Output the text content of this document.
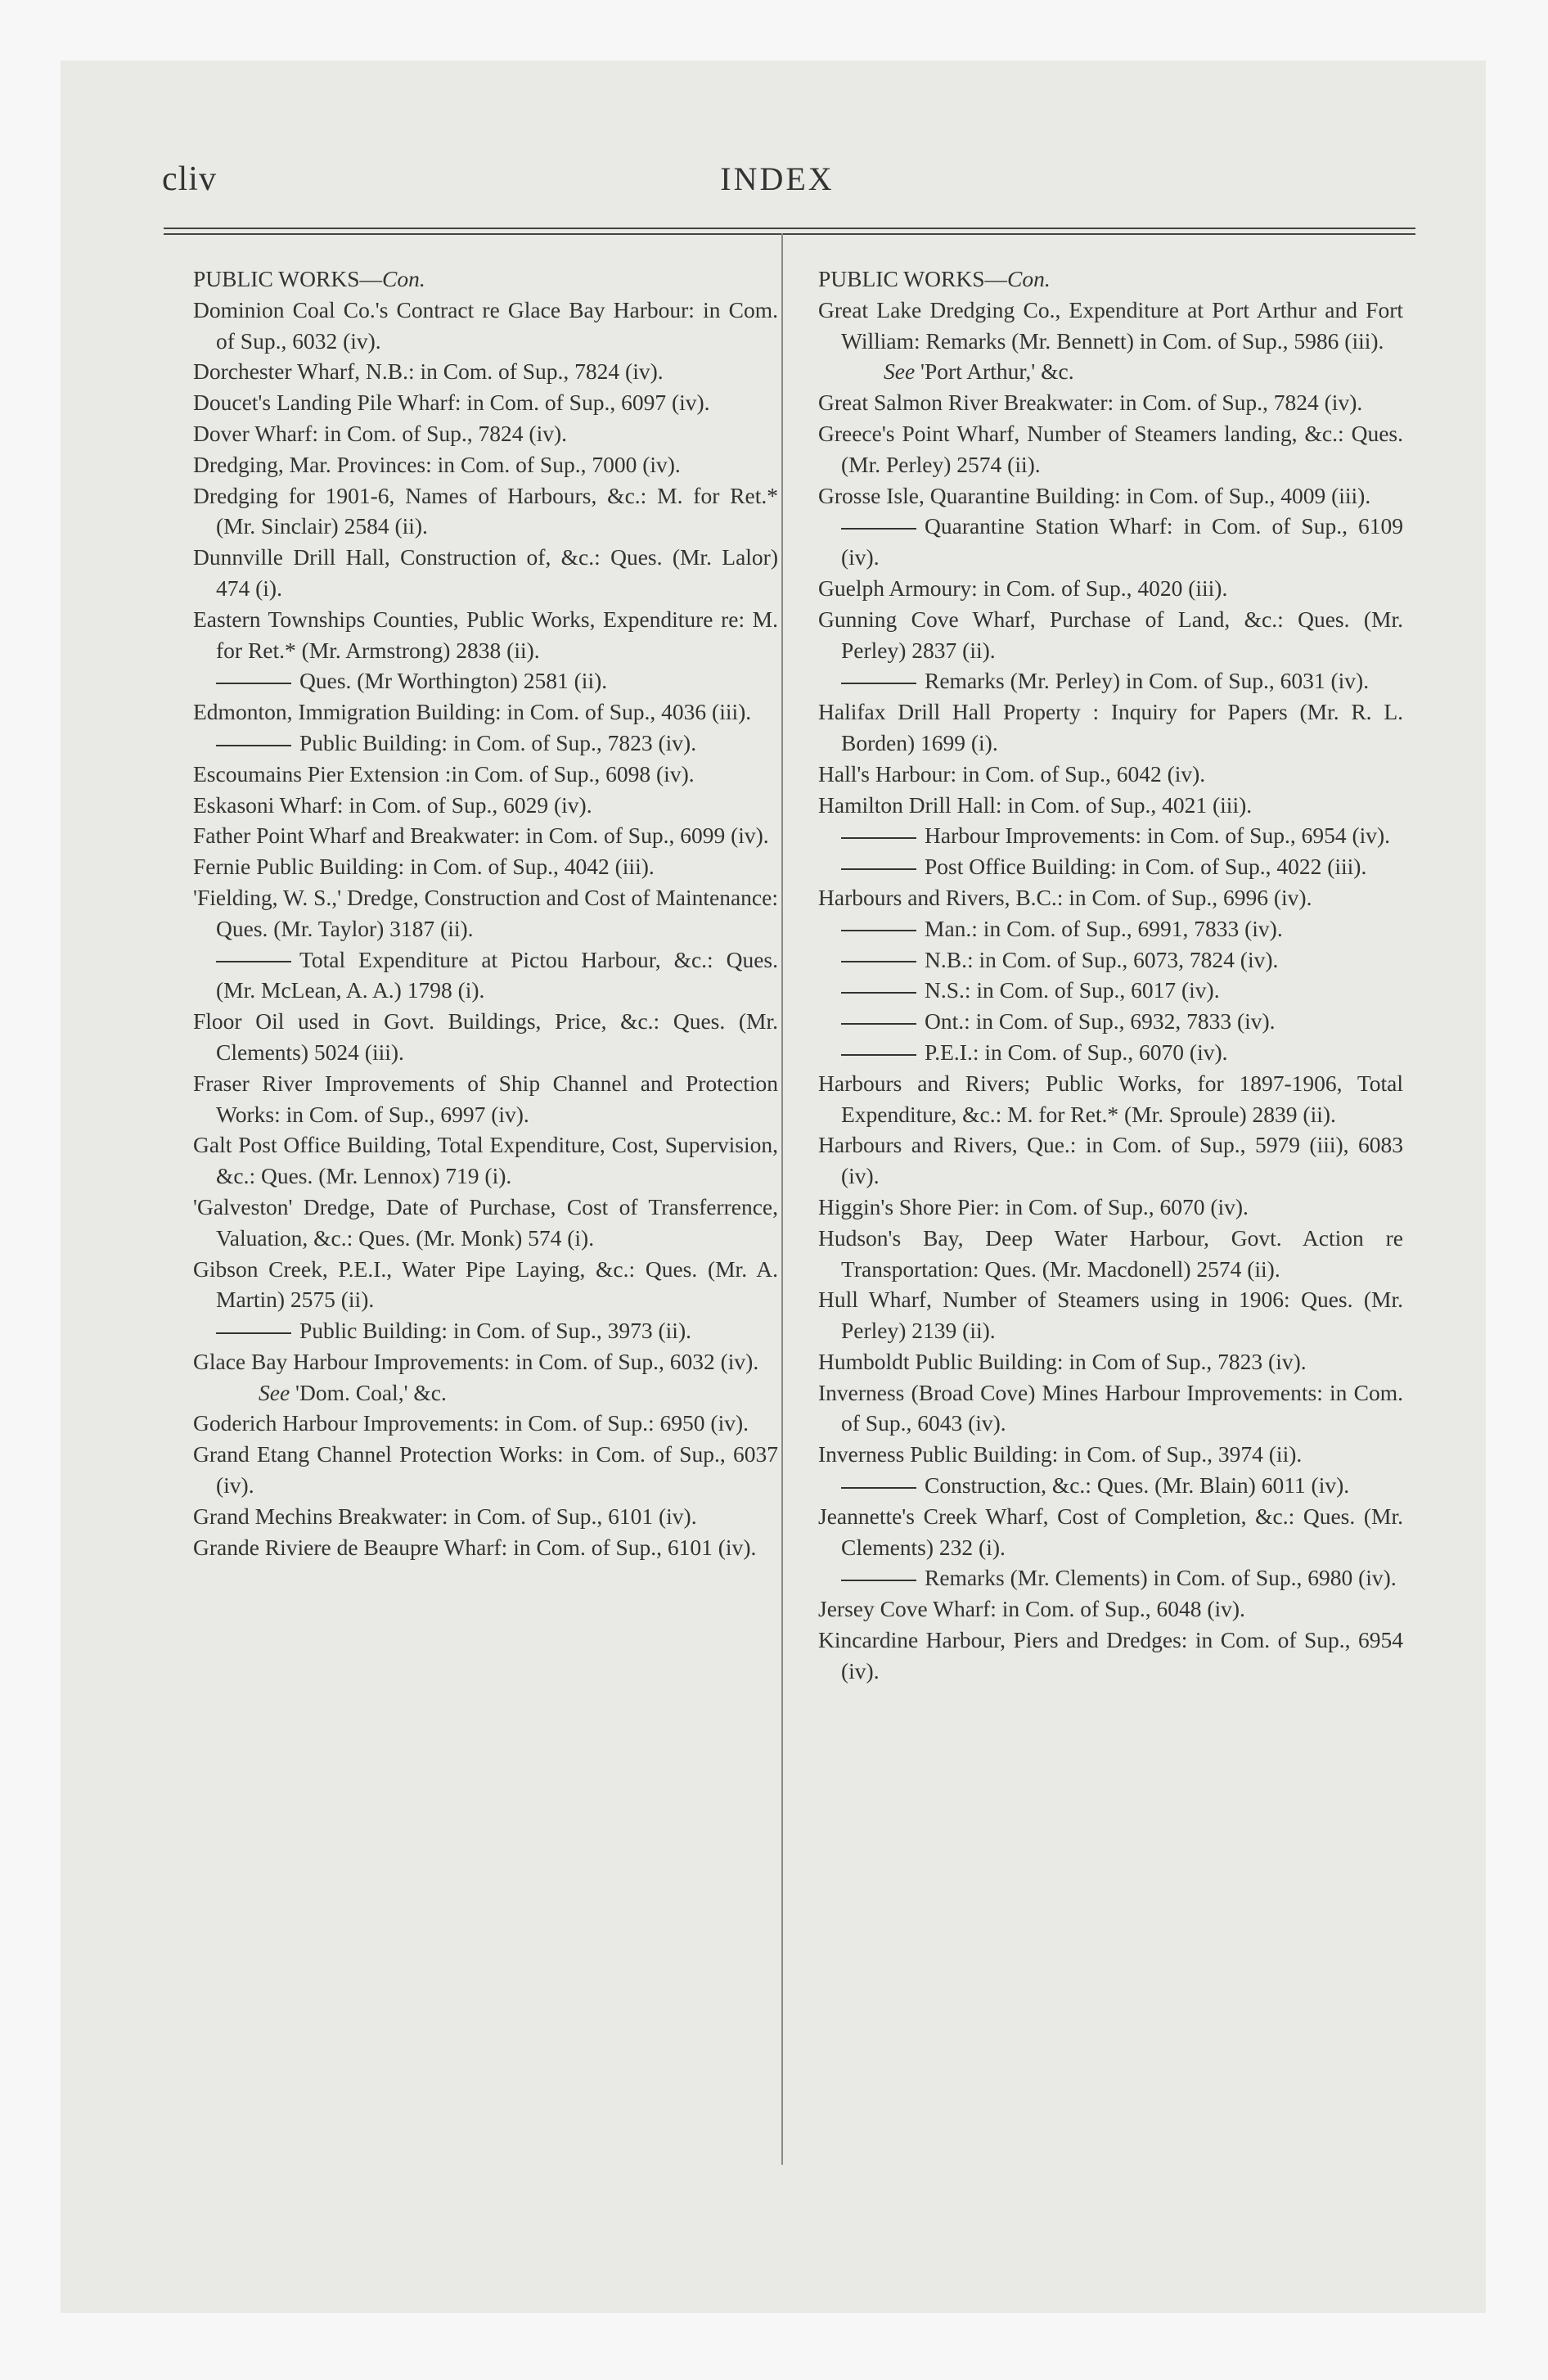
cliv	INDEX

PUBLIC WORKS—Con.

Dominion Coal Co.'s Contract re Glace Bay Harbour: in Com. of Sup., 6032 (iv).

Dorchester Wharf, N.B.: in Com. of Sup., 7824 (iv).

Doucet's Landing Pile Wharf: in Com. of Sup., 6097 (iv).

Dover Wharf: in Com. of Sup., 7824 (iv).

Dredging, Mar. Provinces: in Com. of Sup., 7000 (iv).

Dredging for 1901-6, Names of Harbours, &c.: M. for Ret.* (Mr. Sinclair) 2584 (ii).

Dunnville Drill Hall, Construction of, &c.: Ques. (Mr. Lalor) 474 (i).

Eastern Townships Counties, Public Works, Expenditure re: M. for Ret.* (Mr. Armstrong) 2838 (ii).

Ques. (Mr Worthington) 2581 (ii).

Edmonton, Immigration Building: in Com. of Sup., 4036 (iii).

Public Building: in Com. of Sup., 7823 (iv).

Escoumains Pier Extension :in Com. of Sup., 6098 (iv).

Eskasoni Wharf: in Com. of Sup., 6029 (iv).

Father Point Wharf and Breakwater: in Com. of Sup., 6099 (iv).

Fernie Public Building: in Com. of Sup., 4042 (iii).

'Fielding, W. S.,' Dredge, Construction and Cost of Maintenance: Ques. (Mr. Taylor) 3187 (ii).

Total Expenditure at Pictou Harbour, &c.: Ques. (Mr. McLean, A. A.) 1798 (i).

Floor Oil used in Govt. Buildings, Price, &c.: Ques. (Mr. Clements) 5024 (iii).

Fraser River Improvements of Ship Channel and Protection Works: in Com. of Sup., 6997 (iv).

Galt Post Office Building, Total Expenditure, Cost, Supervision, &c.: Ques. (Mr. Lennox) 719 (i).

'Galveston' Dredge, Date of Purchase, Cost of Transferrence, Valuation, &c.: Ques. (Mr. Monk) 574 (i).

Gibson Creek, P.E.I., Water Pipe Laying, &c.: Ques. (Mr. A. Martin) 2575 (ii).

Public Building: in Com. of Sup., 3973 (ii).

Glace Bay Harbour Improvements: in Com. of Sup., 6032 (iv).

See 'Dom. Coal,' &c.

Goderich Harbour Improvements: in Com. of Sup.: 6950 (iv).

Grand Etang Channel Protection Works: in Com. of Sup., 6037 (iv).

Grand Mechins Breakwater: in Com. of Sup., 6101 (iv).

Grande Riviere de Beaupre Wharf: in Com. of Sup., 6101 (iv).

PUBLIC WORKS—Con.

Great Lake Dredging Co., Expenditure at Port Arthur and Fort William: Remarks (Mr. Bennett) in Com. of Sup., 5986 (iii).

See 'Port Arthur,' &c.

Great Salmon River Breakwater: in Com. of Sup., 7824 (iv).

Greece's Point Wharf, Number of Steamers landing, &c.: Ques. (Mr. Perley) 2574 (ii).

Grosse Isle, Quarantine Building: in Com. of Sup., 4009 (iii).

Quarantine Station Wharf: in Com. of Sup., 6109 (iv).

Guelph Armoury: in Com. of Sup., 4020 (iii).

Gunning Cove Wharf, Purchase of Land, &c.: Ques. (Mr. Perley) 2837 (ii).

Remarks (Mr. Perley) in Com. of Sup., 6031 (iv).

Halifax Drill Hall Property : Inquiry for Papers (Mr. R. L. Borden) 1699 (i).

Hall's Harbour: in Com. of Sup., 6042 (iv).

Hamilton Drill Hall: in Com. of Sup., 4021 (iii).

Harbour Improvements: in Com. of Sup., 6954 (iv).

Post Office Building: in Com. of Sup., 4022 (iii).

Harbours and Rivers, B.C.: in Com. of Sup., 6996 (iv).

Man.: in Com. of Sup., 6991, 7833 (iv).

N.B.: in Com. of Sup., 6073, 7824 (iv).

N.S.: in Com. of Sup., 6017 (iv).

Ont.: in Com. of Sup., 6932, 7833 (iv).

P.E.I.: in Com. of Sup., 6070 (iv).

Harbours and Rivers; Public Works, for 1897-1906, Total Expenditure, &c.: M. for Ret.* (Mr. Sproule) 2839 (ii).

Harbours and Rivers, Que.: in Com. of Sup., 5979 (iii), 6083 (iv).

Higgin's Shore Pier: in Com. of Sup., 6070 (iv).

Hudson's Bay, Deep Water Harbour, Govt. Action re Transportation: Ques. (Mr. Macdonell) 2574 (ii).

Hull Wharf, Number of Steamers using in 1906: Ques. (Mr. Perley) 2139 (ii).

Humboldt Public Building: in Com of Sup., 7823 (iv).

Inverness (Broad Cove) Mines Harbour Improvements: in Com. of Sup., 6043 (iv).

Inverness Public Building: in Com. of Sup., 3974 (ii).

Construction, &c.: Ques. (Mr. Blain) 6011 (iv).

Jeannette's Creek Wharf, Cost of Completion, &c.: Ques. (Mr. Clements) 232 (i).

Remarks (Mr. Clements) in Com. of Sup., 6980 (iv).

Jersey Cove Wharf: in Com. of Sup., 6048 (iv).

Kincardine Harbour, Piers and Dredges: in Com. of Sup., 6954 (iv).
